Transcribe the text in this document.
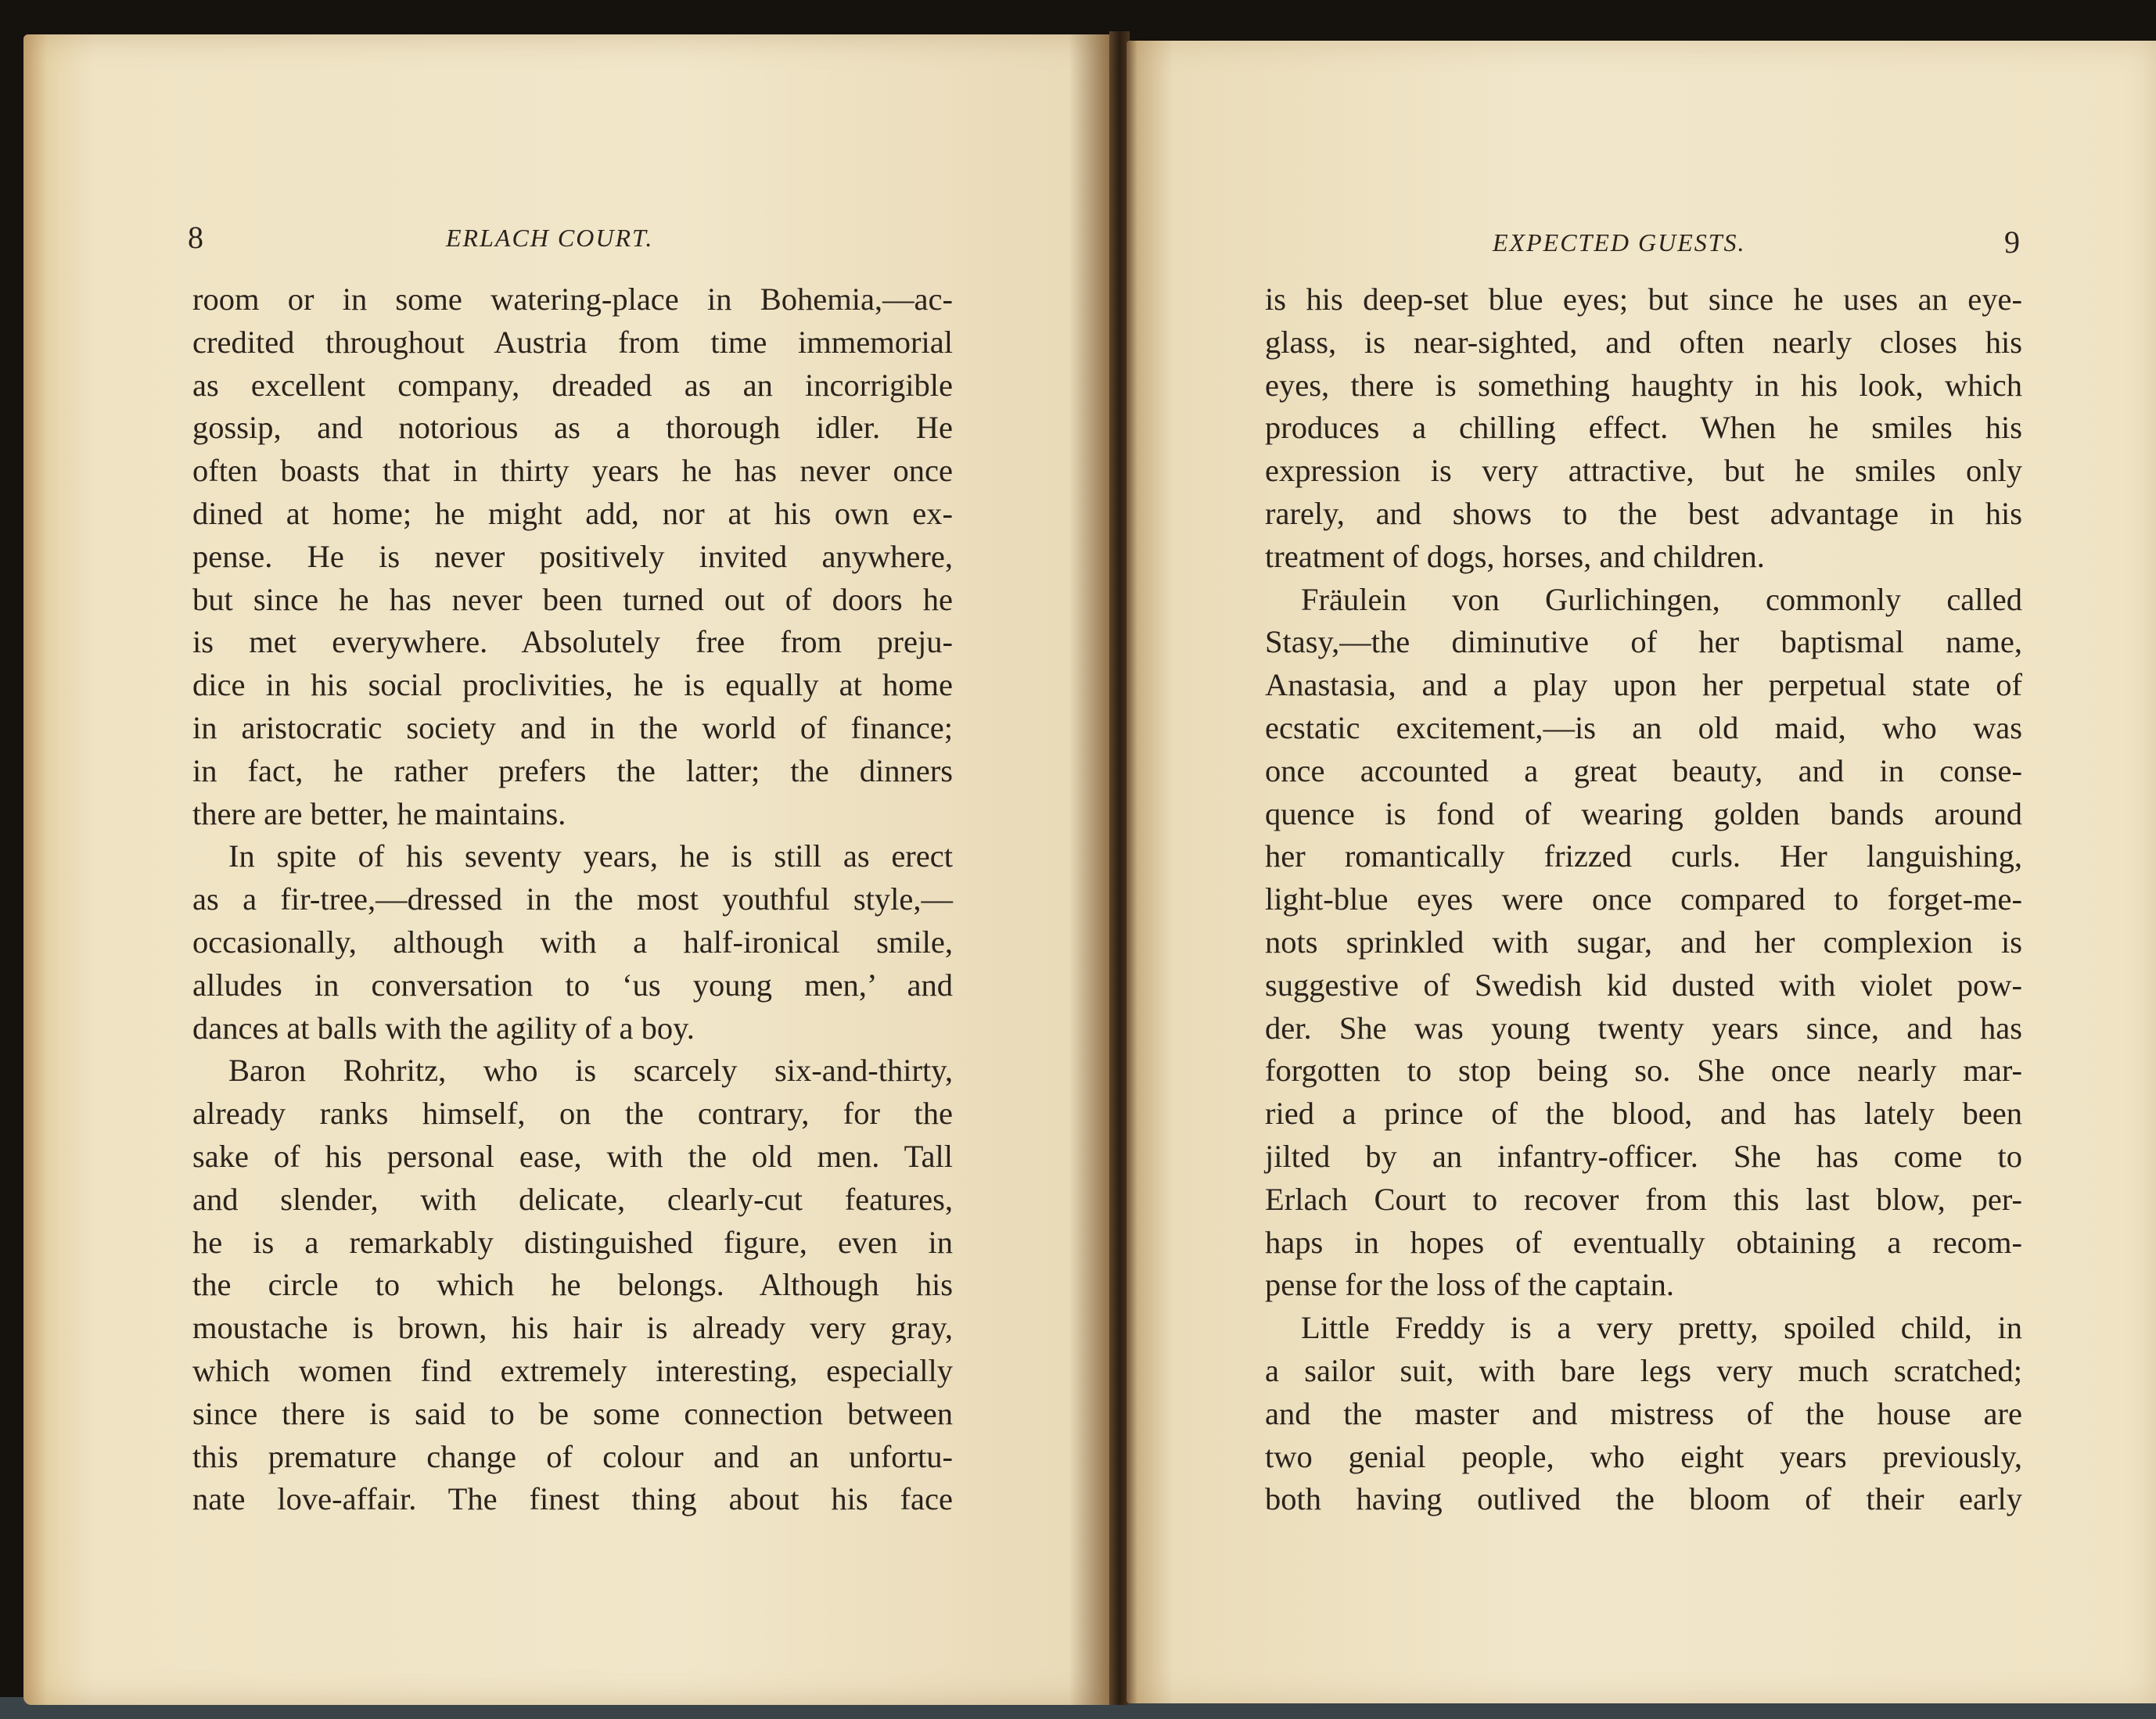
8	ERLACH COURT.
room or in some watering-place in Bohemia,—ac-
credited throughout Austria from time immemorial
as excellent company, dreaded as an incorrigible
gossip, and notorious as a thorough idler. He
often boasts that in thirty years he has never once
dined at home; he might add, nor at his own ex-
pense. He is never positively invited anywhere,
but since he has never been turned out of doors he
is met everywhere. Absolutely free from preju-
dice in his social proclivities, he is equally at home
in aristocratic society and in the world of finance;
in fact, he rather prefers the latter; the dinners
there are better, he maintains.
In spite of his seventy years, he is still as erect
as a fir-tree,—dressed in the most youthful style,—
occasionally, although with a half-ironical smile,
alludes in conversation to ‘us young men,’ and
dances at balls with the agility of a boy.
Baron Rohritz, who is scarcely six-and-thirty,
already ranks himself, on the contrary, for the
sake of his personal ease, with the old men. Tall
and slender, with delicate, clearly-cut features,
he is a remarkably distinguished figure, even in
the circle to which he belongs. Although his
moustache is brown, his hair is already very gray,
which women find extremely interesting, especially
since there is said to be some connection between
this premature change of colour and an unfortu-
nate love-affair. The finest thing about his face
EXPECTED GUESTS.	9
is his deep-set blue eyes; but since he uses an eye-
glass, is near-sighted, and often nearly closes his
eyes, there is something haughty in his look, which
produces a chilling effect. When he smiles his
expression is very attractive, but he smiles only
rarely, and shows to the best advantage in his
treatment of dogs, horses, and children.
Fräulein von Gurlichingen, commonly called
Stasy,—the diminutive of her baptismal name,
Anastasia, and a play upon her perpetual state of
ecstatic excitement,—is an old maid, who was
once accounted a great beauty, and in conse-
quence is fond of wearing golden bands around
her romantically frizzed curls. Her languishing,
light-blue eyes were once compared to forget-me-
nots sprinkled with sugar, and her complexion is
suggestive of Swedish kid dusted with violet pow-
der. She was young twenty years since, and has
forgotten to stop being so. She once nearly mar-
ried a prince of the blood, and has lately been
jilted by an infantry-officer. She has come to
Erlach Court to recover from this last blow, per-
haps in hopes of eventually obtaining a recom-
pense for the loss of the captain.
Little Freddy is a very pretty, spoiled child, in
a sailor suit, with bare legs very much scratched;
and the master and mistress of the house are
two genial people, who eight years previously,
both having outlived the bloom of their early
